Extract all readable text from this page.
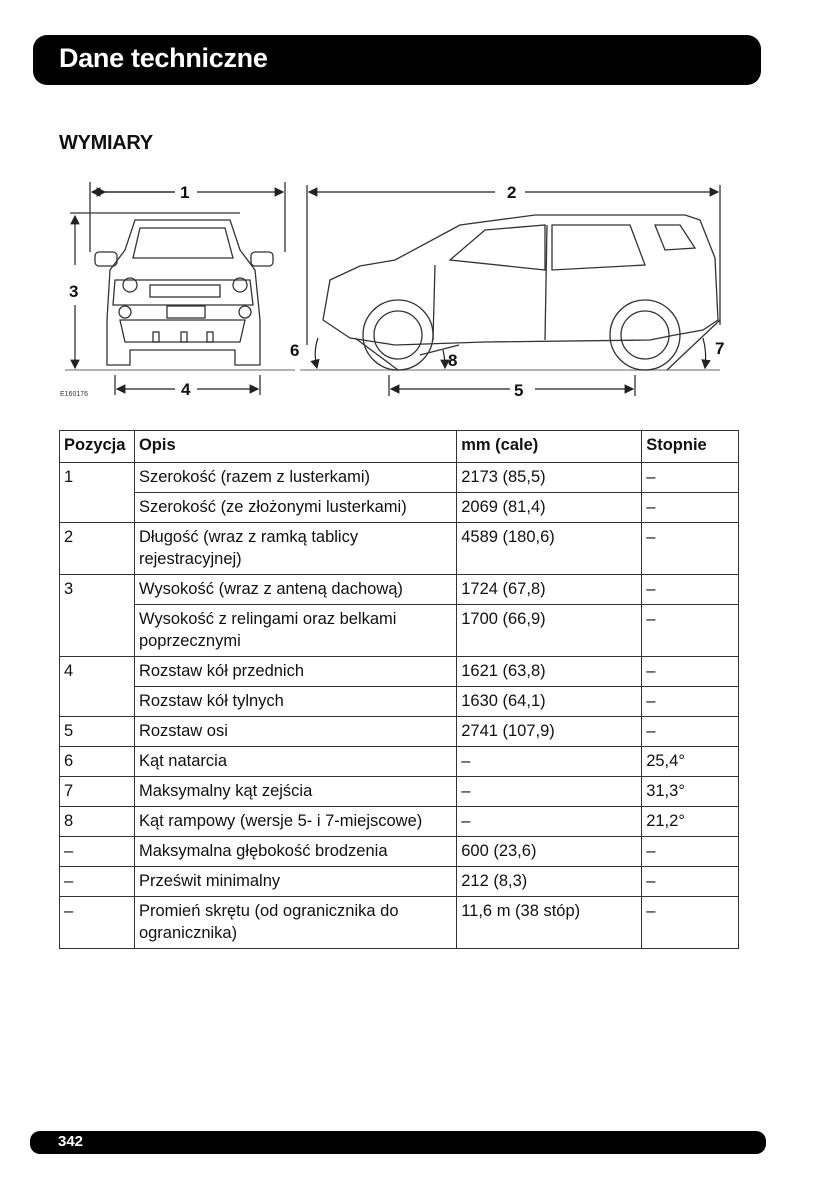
Dane techniczne
WYMIARY
1
3
4
E160176
2
5
6	7
8
Pozycja	Opis	mm (cale)	Stopnie
1	Szerokość (razem z lusterkami)	2173 (85,5)	–
	Szerokość (ze złożonymi lusterkami)	2069 (81,4)	–
2	Długość (wraz z ramką tablicy rejestracyjnej)	4589 (180,6)	–
3	Wysokość (wraz z anteną dachową)	1724 (67,8)	–
	Wysokość z relingami oraz belkami poprzecznymi	1700 (66,9)	–
4	Rozstaw kół przednich	1621 (63,8)	–
	Rozstaw kół tylnych	1630 (64,1)	–
5	Rozstaw osi	2741 (107,9)	–
6	Kąt natarcia	–	25,4°
7	Maksymalny kąt zejścia	–	31,3°
8	Kąt rampowy (wersje 5- i 7-miejscowe)	–	21,2°
–	Maksymalna głębokość brodzenia	600 (23,6)	–
–	Prześwit minimalny	212 (8,3)	–
–	Promień skrętu (od ogranicznika do ogranicznika)	11,6 m (38 stóp)	–
342
